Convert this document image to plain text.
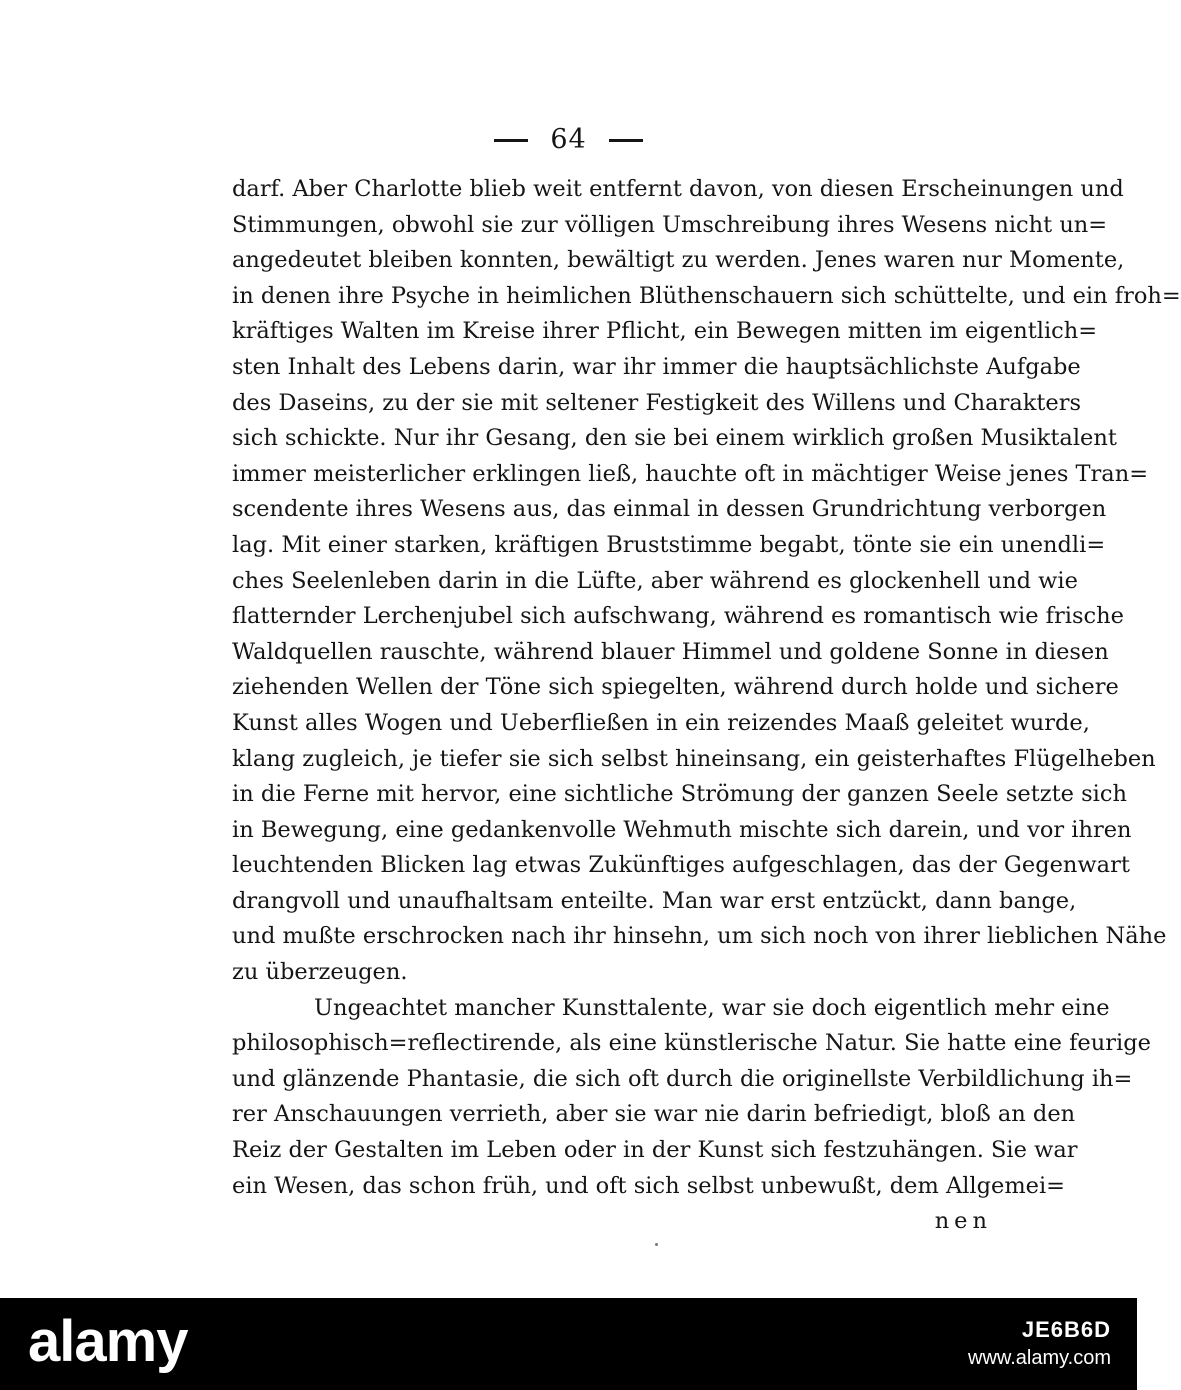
64
darf. Aber Charlotte blieb weit entfernt davon, von diesen Erscheinungen und
Stimmungen, obwohl sie zur völligen Umschreibung ihres Wesens nicht un=
angedeutet bleiben konnten, bewältigt zu werden. Jenes waren nur Momente,
in denen ihre Psyche in heimlichen Blüthenschauern sich schüttelte, und ein froh=
kräftiges Walten im Kreise ihrer Pflicht, ein Bewegen mitten im eigentlich=
sten Inhalt des Lebens darin, war ihr immer die hauptsächlichste Aufgabe
des Daseins, zu der sie mit seltener Festigkeit des Willens und Charakters
sich schickte. Nur ihr Gesang, den sie bei einem wirklich großen Musiktalent
immer meisterlicher erklingen ließ, hauchte oft in mächtiger Weise jenes Tran=
scendente ihres Wesens aus, das einmal in dessen Grundrichtung verborgen
lag. Mit einer starken, kräftigen Bruststimme begabt, tönte sie ein unendli=
ches Seelenleben darin in die Lüfte, aber während es glockenhell und wie
flatternder Lerchenjubel sich aufschwang, während es romantisch wie frische
Waldquellen rauschte, während blauer Himmel und goldene Sonne in diesen
ziehenden Wellen der Töne sich spiegelten, während durch holde und sichere
Kunst alles Wogen und Ueberfließen in ein reizendes Maaß geleitet wurde,
klang zugleich, je tiefer sie sich selbst hineinsang, ein geisterhaftes Flügelheben
in die Ferne mit hervor, eine sichtliche Strömung der ganzen Seele setzte sich
in Bewegung, eine gedankenvolle Wehmuth mischte sich darein, und vor ihren
leuchtenden Blicken lag etwas Zukünftiges aufgeschlagen, das der Gegenwart
drangvoll und unaufhaltsam enteilte. Man war erst entzückt, dann bange,
und mußte erschrocken nach ihr hinsehn, um sich noch von ihrer lieblichen Nähe
zu überzeugen.
Ungeachtet mancher Kunsttalente, war sie doch eigentlich mehr eine
philosophisch=reflectirende, als eine künstlerische Natur. Sie hatte eine feurige
und glänzende Phantasie, die sich oft durch die originellste Verbildlichung ih=
rer Anschauungen verrieth, aber sie war nie darin befriedigt, bloß an den
Reiz der Gestalten im Leben oder in der Kunst sich festzuhängen. Sie war
ein Wesen, das schon früh, und oft sich selbst unbewußt, dem Allgemei=
nen
alamy	JE6B6D
www.alamy.com
